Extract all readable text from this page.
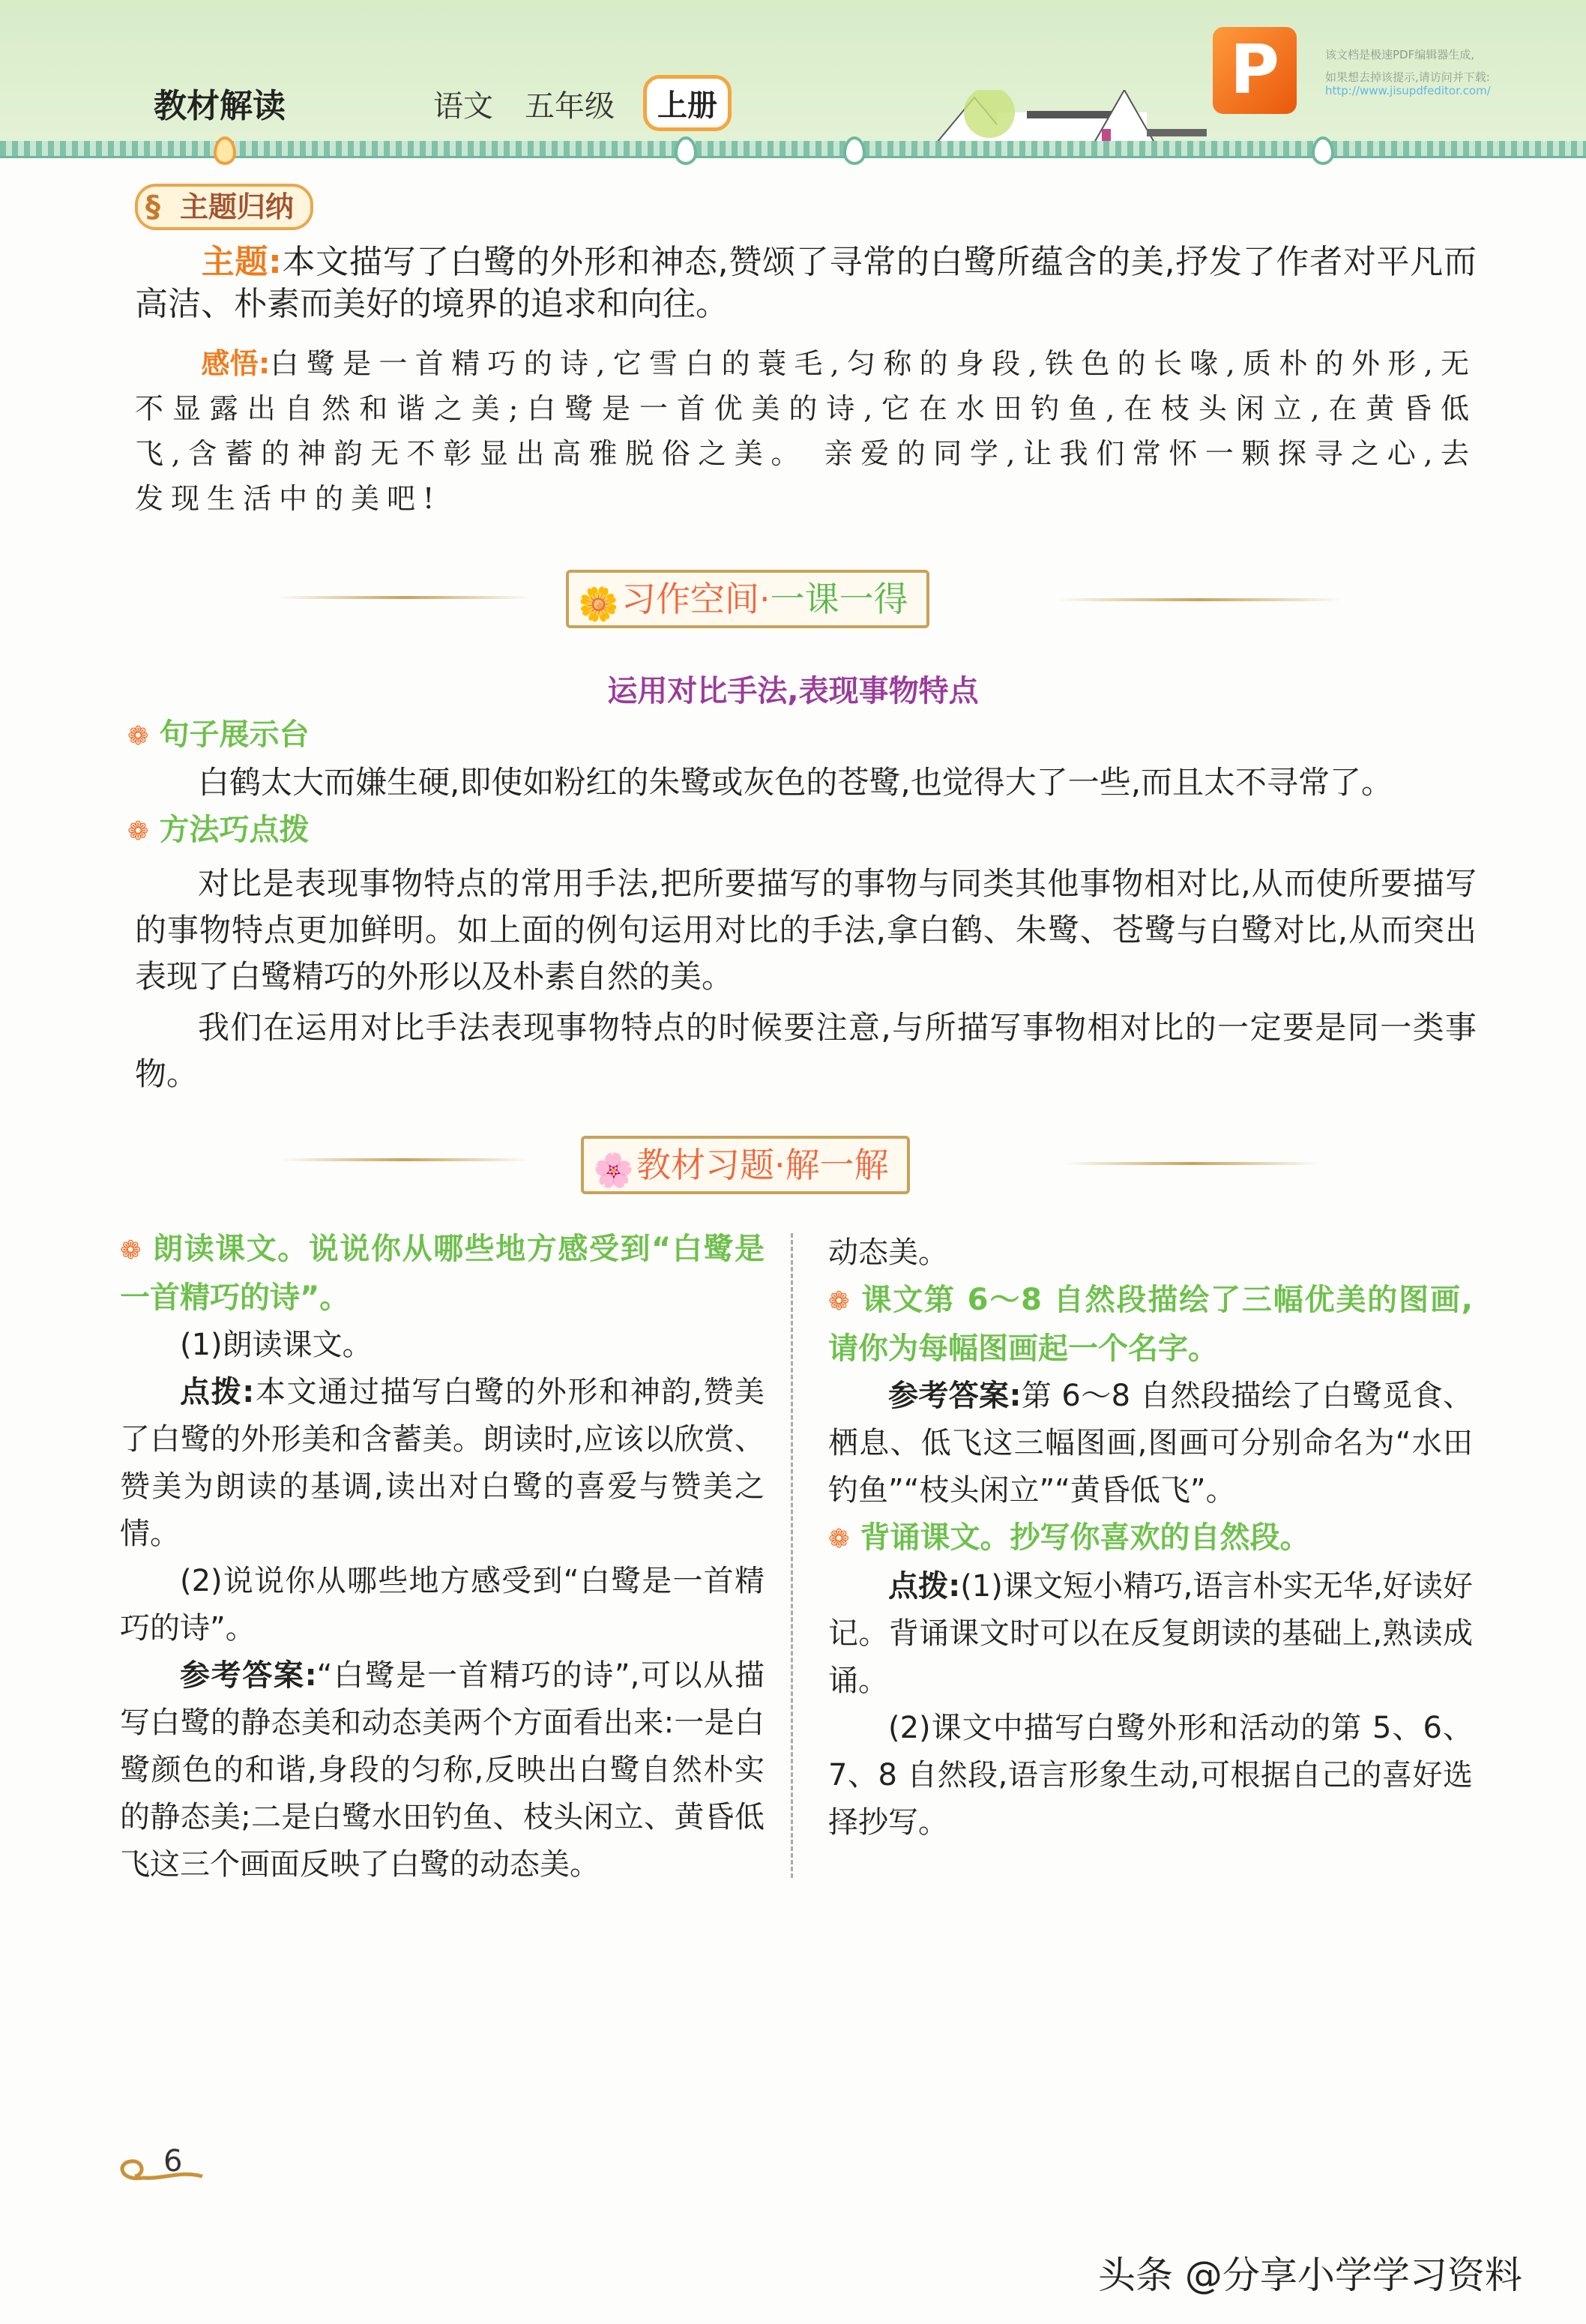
教材解读	语文 五年级	上册	P	该文档是极速PDF编辑器生成,
如果想去掉该提示,请访问并下载:
http://www.jisupdfeditor.com/
§ 主题归纳
主题:本文描写了白鹭的外形和神态,赞颂了寻常的白鹭所蕴含的美,抒发了作者对平凡而高洁、朴素而美好的境界的追求和向往。
感悟:白鹭是一首精巧的诗,它雪白的蓑毛,匀称的身段,铁色的长喙,质朴的外形,无不显露出自然和谐之美;白鹭是一首优美的诗,它在水田钓鱼,在枝头闲立,在黄昏低飞,含蓄的神韵无不彰显出高雅脱俗之美。 亲爱的同学,让我们常怀一颗探寻之心,去发现生活中的美吧!
🌼 习作空间·一课一得
运用对比手法,表现事物特点
❁ 句子展示台
白鹤太大而嫌生硬,即使如粉红的朱鹭或灰色的苍鹭,也觉得大了一些,而且太不寻常了。
❁ 方法巧点拨
对比是表现事物特点的常用手法,把所要描写的事物与同类其他事物相对比,从而使所要描写的事物特点更加鲜明。如上面的例句运用对比的手法,拿白鹤、朱鹭、苍鹭与白鹭对比,从而突出表现了白鹭精巧的外形以及朴素自然的美。
我们在运用对比手法表现事物特点的时候要注意,与所描写事物相对比的一定要是同一类事物。
🌸 教材习题·解一解

❁ 朗读课文。说说你从哪些地方感受到“白鹭是一首精巧的诗”。

(1)朗读课文。

点拨:本文通过描写白鹭的外形和神韵,赞美了白鹭的外形美和含蓄美。朗读时,应该以欣赏、赞美为朗读的基调,读出对白鹭的喜爱与赞美之情。

(2)说说你从哪些地方感受到“白鹭是一首精巧的诗”。

参考答案:“白鹭是一首精巧的诗”,可以从描写白鹭的静态美和动态美两个方面看出来:一是白鹭颜色的和谐,身段的匀称,反映出白鹭自然朴实的静态美;二是白鹭水田钓鱼、枝头闲立、黄昏低飞这三个画面反映了白鹭的动态美。

动态美。

❁ 课文第 6～8 自然段描绘了三幅优美的图画,请你为每幅图画起一个名字。

参考答案:第 6～8 自然段描绘了白鹭觅食、栖息、低飞这三幅图画,图画可分别命名为“水田钓鱼”“枝头闲立”“黄昏低飞”。

❁ 背诵课文。抄写你喜欢的自然段。

点拨:(1)课文短小精巧,语言朴实无华,好读好记。背诵课文时可以在反复朗读的基础上,熟读成诵。

(2)课文中描写白鹭外形和活动的第 5、6、7、8 自然段,语言形象生动,可根据自己的喜好选择抄写。

6
头条 @分享小学学习资料
